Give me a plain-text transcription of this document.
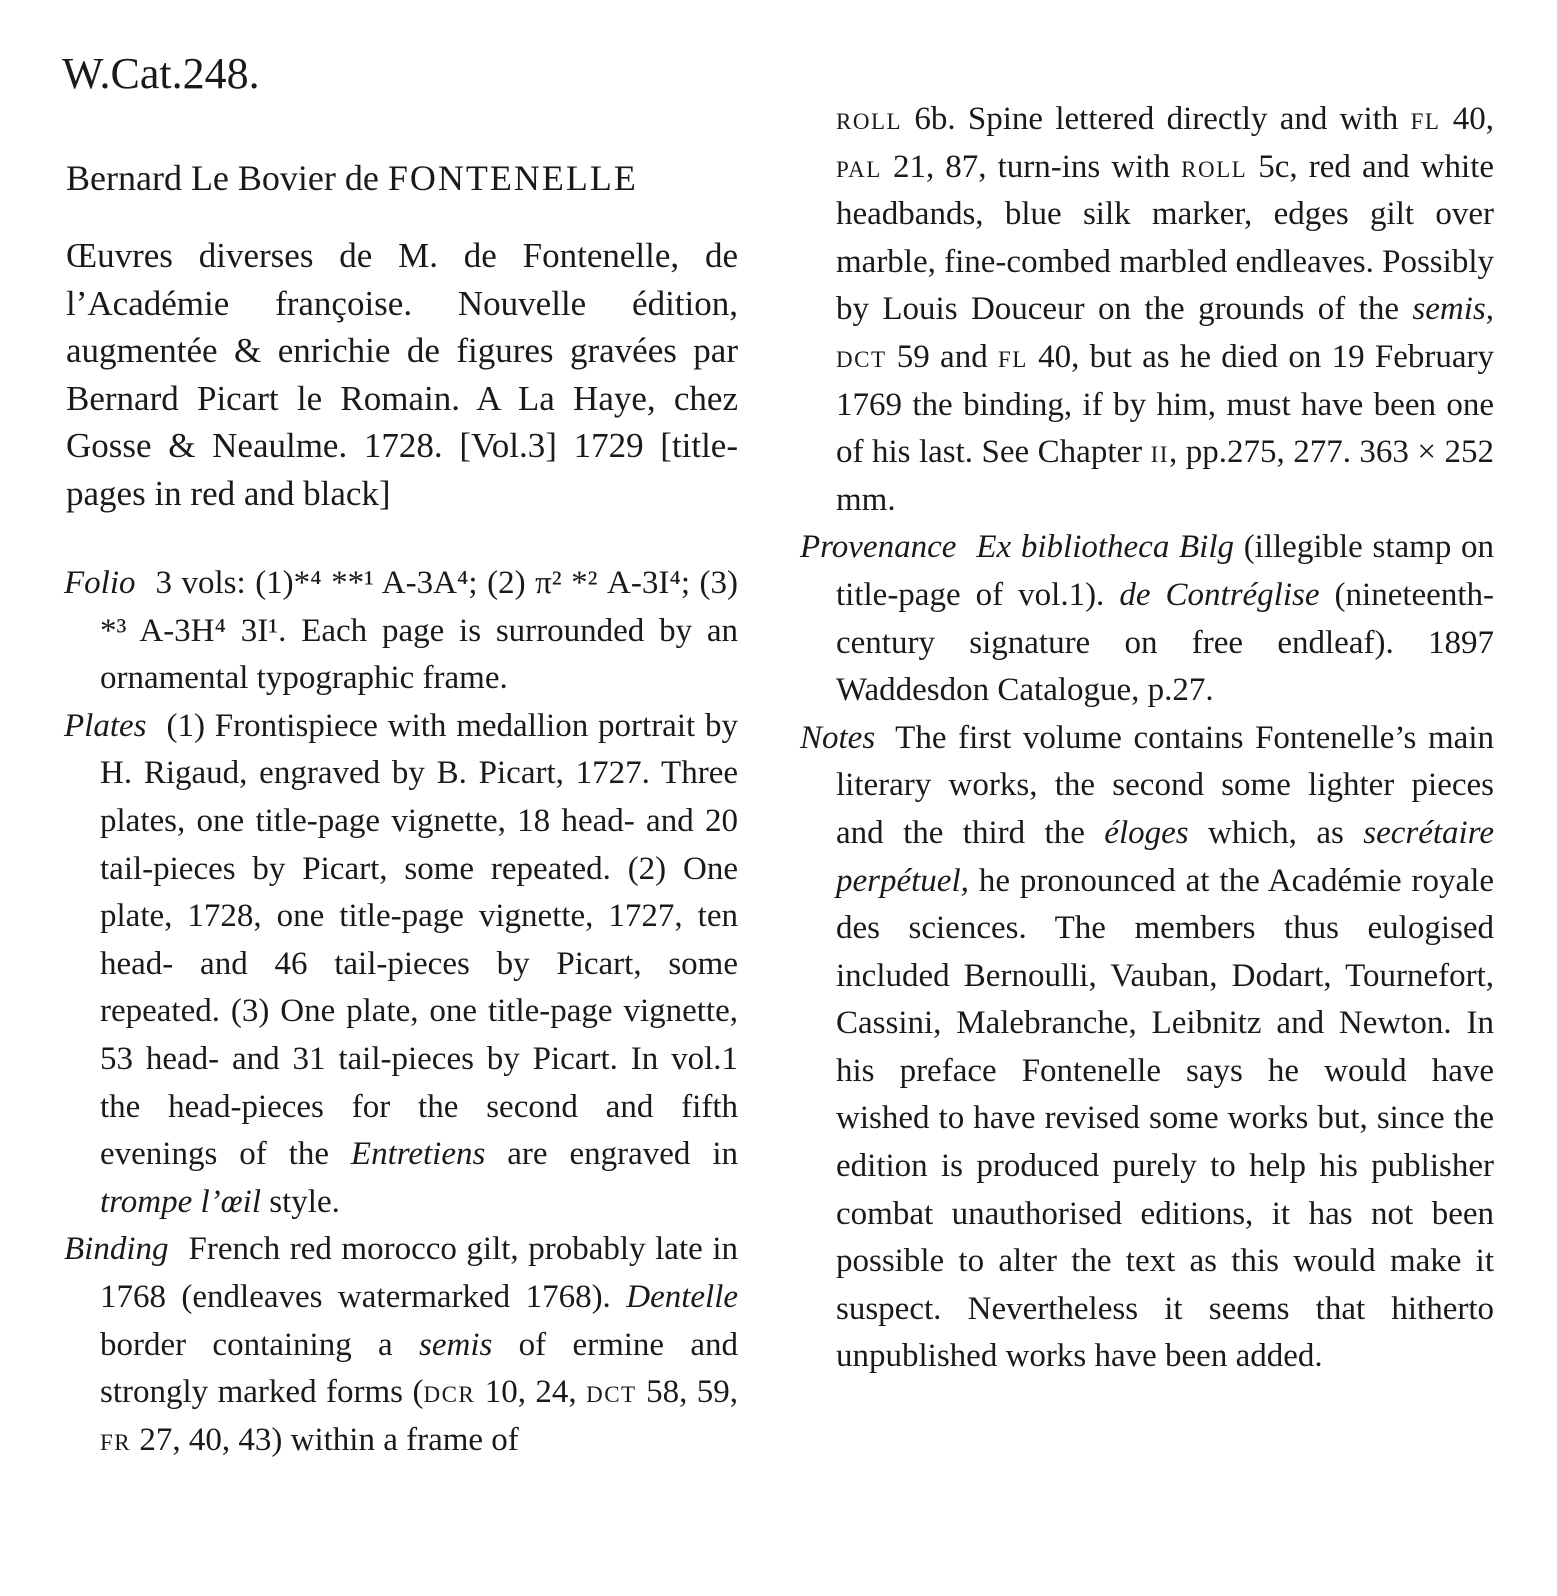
W.Cat.248.
Bernard Le Bovier de FONTENELLE
Œuvres diverses de M. de Fontenelle, de l’Académie françoise. Nouvelle édition, augmentée & enrichie de figures gravées par Bernard Picart le Romain. A La Haye, chez Gosse & Neaulme. 1728. [Vol.3] 1729 [title-pages in red and black]
Folio 3 vols: (1)*⁴ **¹ A-3A⁴; (2) π² *² A-3I⁴; (3) *³ A-3H⁴ 3I¹. Each page is surrounded by an ornamental typographic frame.
Plates (1) Frontispiece with medallion portrait by H. Rigaud, engraved by B. Picart, 1727. Three plates, one title-page vignette, 18 head- and 20 tail-pieces by Picart, some repeated. (2) One plate, 1728, one title-page vignette, 1727, ten head- and 46 tail-pieces by Picart, some repeated. (3) One plate, one title-page vignette, 53 head- and 31 tail-pieces by Picart. In vol.1 the head-pieces for the second and fifth evenings of the Entretiens are engraved in trompe l’œil style.
Binding French red morocco gilt, probably late in 1768 (endleaves watermarked 1768). Dentelle border containing a semis of ermine and strongly marked forms (dcr 10, 24, dct 58, 59, fr 27, 40, 43) within a frame of
roll 6b. Spine lettered directly and with fl 40, pal 21, 87, turn-ins with roll 5c, red and white headbands, blue silk marker, edges gilt over marble, fine-combed marbled endleaves. Possibly by Louis Douceur on the grounds of the semis, dct 59 and fl 40, but as he died on 19 February 1769 the binding, if by him, must have been one of his last. See Chapter ii, pp.275, 277. 363 × 252 mm.
Provenance Ex bibliotheca Bilg (illegible stamp on title-page of vol.1). de Contréglise (nineteenth-century signature on free endleaf). 1897 Waddesdon Catalogue, p.27.
Notes The first volume contains Fontenelle’s main literary works, the second some lighter pieces and the third the éloges which, as secrétaire perpétuel, he pronounced at the Académie royale des sciences. The members thus eulogised included Bernoulli, Vauban, Dodart, Tournefort, Cassini, Malebranche, Leibnitz and Newton. In his preface Fontenelle says he would have wished to have revised some works but, since the edition is produced purely to help his publisher combat unauthorised editions, it has not been possible to alter the text as this would make it suspect. Nevertheless it seems that hitherto unpublished works have been added.
